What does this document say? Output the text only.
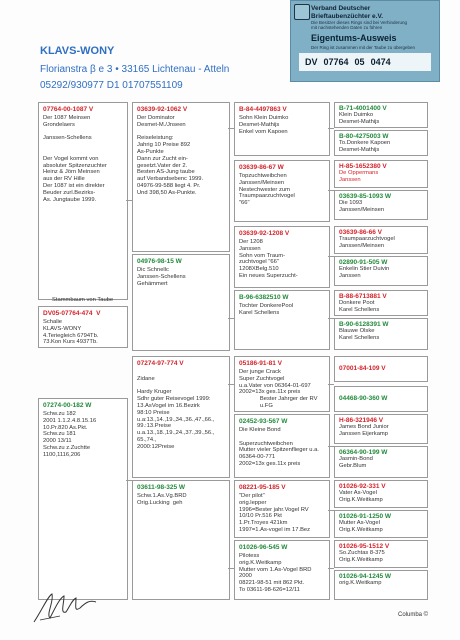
KLAVS-WONY
Florianstra β e 3 • 33165 Lichtenau - Atteln
05292/930977 D1 01707551109
Verband Deutscher
Brieftaubenzüchter e.V.
Die Besitzer dieses Rings sind bei Verhinderung
mit nachstehenden Daten zu führen
Eigentums-Ausweis
Der Ring ist zusammen mit der Taube zu übergeben
DV 07764 05 0474
07764-00-1087 V
Der 1087 Meinsen
Grondelaers

Janssen-Schellens

Der Vogel kommt von
absoluter Spitzenzuchter
Heinz & Jörn Meinsen
aus der RV Hille
Der 1087 ist ein direkter
Beuder zurl.Bezirks-
As. Jungtaube 1999.
Stammbaum von Taube
DV05-07764-474  V
Schalie
KLAVS-WONY
4.Teriegleich 6794Tb.
73.Kon Kurs 4937Tb.
07274-00-182 W
Schw.zu 182
2001 1.1.2.4.8.15.16
10.Pr.820 As.Pkt.
Schw.zu 181
2000 13/11
Schw.zu z.Zuchtte
1100,1116,206
03639-92-1062 V
Der Dominator
Desmet-M./Jnseen

Reiseleistung:
Jahrig 10 Preise 892
As-Punkte
Dann zur Zucht ein-
gesetzt.Vater der 2.
Besten AS-Jung taube
auf Verbandsebenc 1999.
04976-99-588 liegt 4. Pr.
Und 398,50 As-Punkte.
04976-98-15 W
Dic Schnellc
Janssen-Schellens
Gehämmert
07274-97-774 V

Zidane

Hardy Kruger
Sdhr guter Reisevogel 1999:
13.AsVogel im 16.Bezirk
98:10 Preise
u.a:13.,14.,19.,34.,36.,47.,66.,
99.:13.Preise
u.a.13.,18.,19.,24.,37.,39.,56.,
65.,74.,
2000:12Preise
03611-98-325 W
Schw.1.As.Vg.BRD
Orig.Lucking  geh
B-84-4497863 V
Sohn Klein Duimko
Desmet-Mathijs
Enkel vom Kapoen
03639-86-67 W
Topzuchtweibchen
Janssen/Meinsen
Nestechwester zum
Traumpaarzuchtvogel
"66"
03639-92-1208 V
Der 1208
Janssen
Sohn vom Traum-
zuchtvogel "66"
1208XBelg.510
Ein neues Superzucht-
B-96-6382510 W
Tochter DonkerePool
Karel Schellens
05186-91-81 V
Der junge Crack
Super Zuchtvogel
u.a.Vater von 06364-01-697
2002=13x ges.11x preis
Bester Jahrger der RV
u.FG
02452-93-567 W
Die Kleine Bond

Superzuchtweibchen
Mutter vieler Spitzenflieger u.a.
06364-00-771
2002=13x ges.11x preis
08221-95-185 V
"Der pilot"
orig.lepper
1996=Bester jahr.Vogel RV
10/10 Pr.516 Pkt
1.Pr.Troyes 421km
1997=1.As-vogel im 17.Bez
01026-96-545 W
Pilotess
orig.K.Weitkamp
Mutter vom 1.As-Vogel BRD
2000
08221-98-51 mit 862 Pkt.
To 03611-98-626=12/11
B-71-4001400 V
Klein Duimko
Desmet-Mathijs
B-80-4275003 W
To.Donkere Kapoen
Desmet-Mathijs
H-85-1652380 V
De Oppermans
Janssen
03639-85-1093 W
Die 1093
Janssen/Meinsen
03639-86-66 V
Traumpaarzuchtvogel
Janssen/Meinsen
02890-91-505 W
Enkelin Stier Duivin
Janssen
B-88-6713881 V
Donkere Poot
Karel Schellens
B-90-6128391 W
Blauwe Olske
Karel Schellens
07001-84-109 V
04468-90-360 W
H-86-321946 V
James Bond Junior
Janssen Eijerkamp
06364-90-199 W
Jasmin-Bond
Gebr.Blum
01026-92-331 V
Vater As-Vogel
Orig.K.Weitkamp
01026-91-1250 W
Mutter As-Vogel
Orig.K.Weitkamp
01026-95-1512 V
So.Zuchtas 8-375
Orig.K.Weitkamp
01026-94-1245 W
orig.K.Weitkamp
Columba ©
